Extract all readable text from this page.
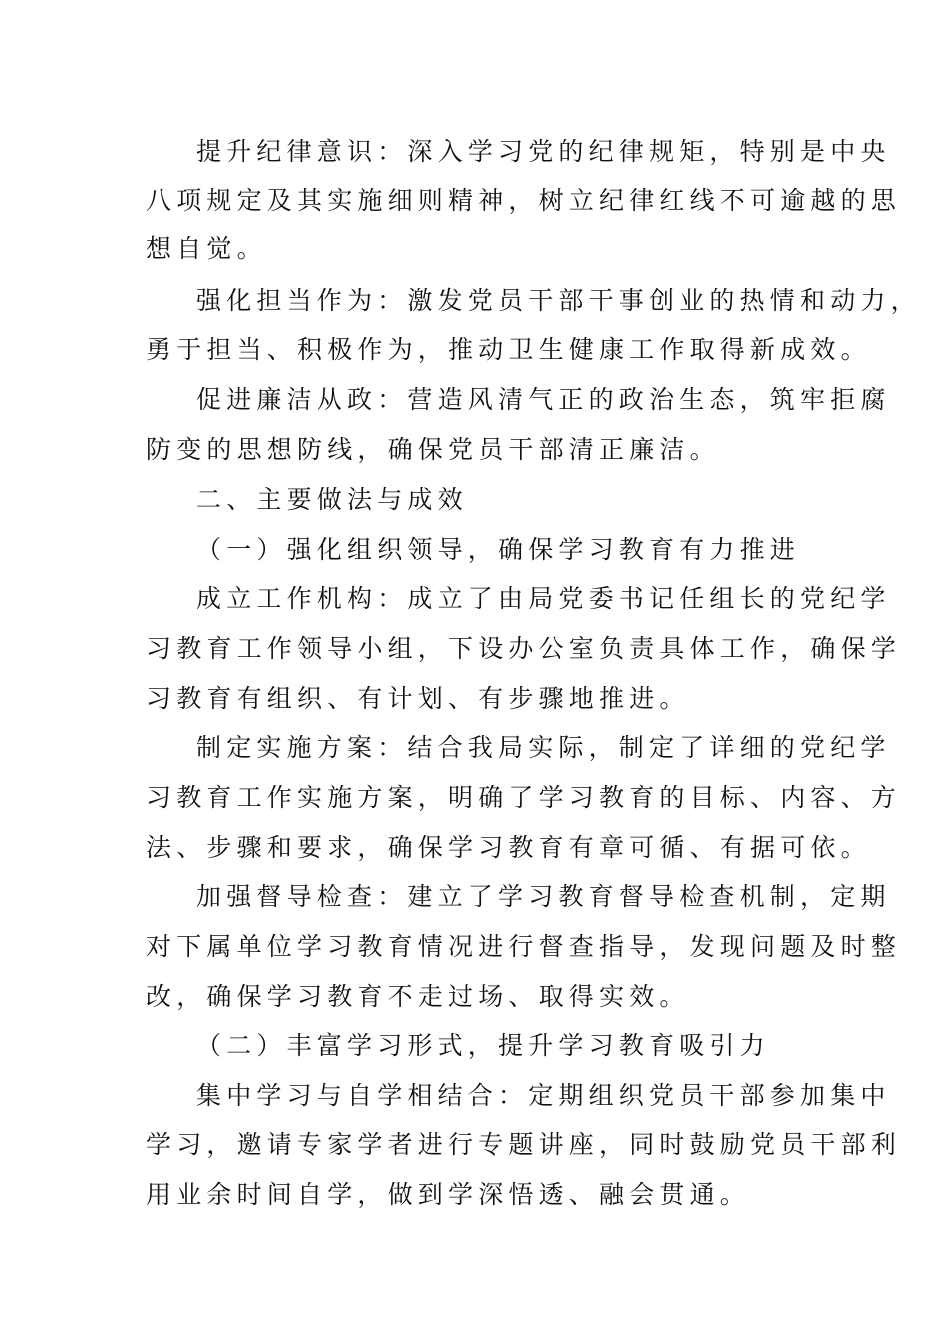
提升纪律意识：深入学习党的纪律规矩，特别是中央
八项规定及其实施细则精神，树立纪律红线不可逾越的思
想自觉。
强化担当作为：激发党员干部干事创业的热情和动力，
勇于担当、积极作为，推动卫生健康工作取得新成效。
促进廉洁从政：营造风清气正的政治生态，筑牢拒腐
防变的思想防线，确保党员干部清正廉洁。
二、主要做法与成效
（一）强化组织领导，确保学习教育有力推进
成立工作机构：成立了由局党委书记任组长的党纪学
习教育工作领导小组，下设办公室负责具体工作，确保学
习教育有组织、有计划、有步骤地推进。
制定实施方案：结合我局实际，制定了详细的党纪学
习教育工作实施方案，明确了学习教育的目标、内容、方
法、步骤和要求，确保学习教育有章可循、有据可依。
加强督导检查：建立了学习教育督导检查机制，定期
对下属单位学习教育情况进行督查指导，发现问题及时整
改，确保学习教育不走过场、取得实效。
（二）丰富学习形式，提升学习教育吸引力
集中学习与自学相结合：定期组织党员干部参加集中
学习，邀请专家学者进行专题讲座，同时鼓励党员干部利
用业余时间自学，做到学深悟透、融会贯通。
